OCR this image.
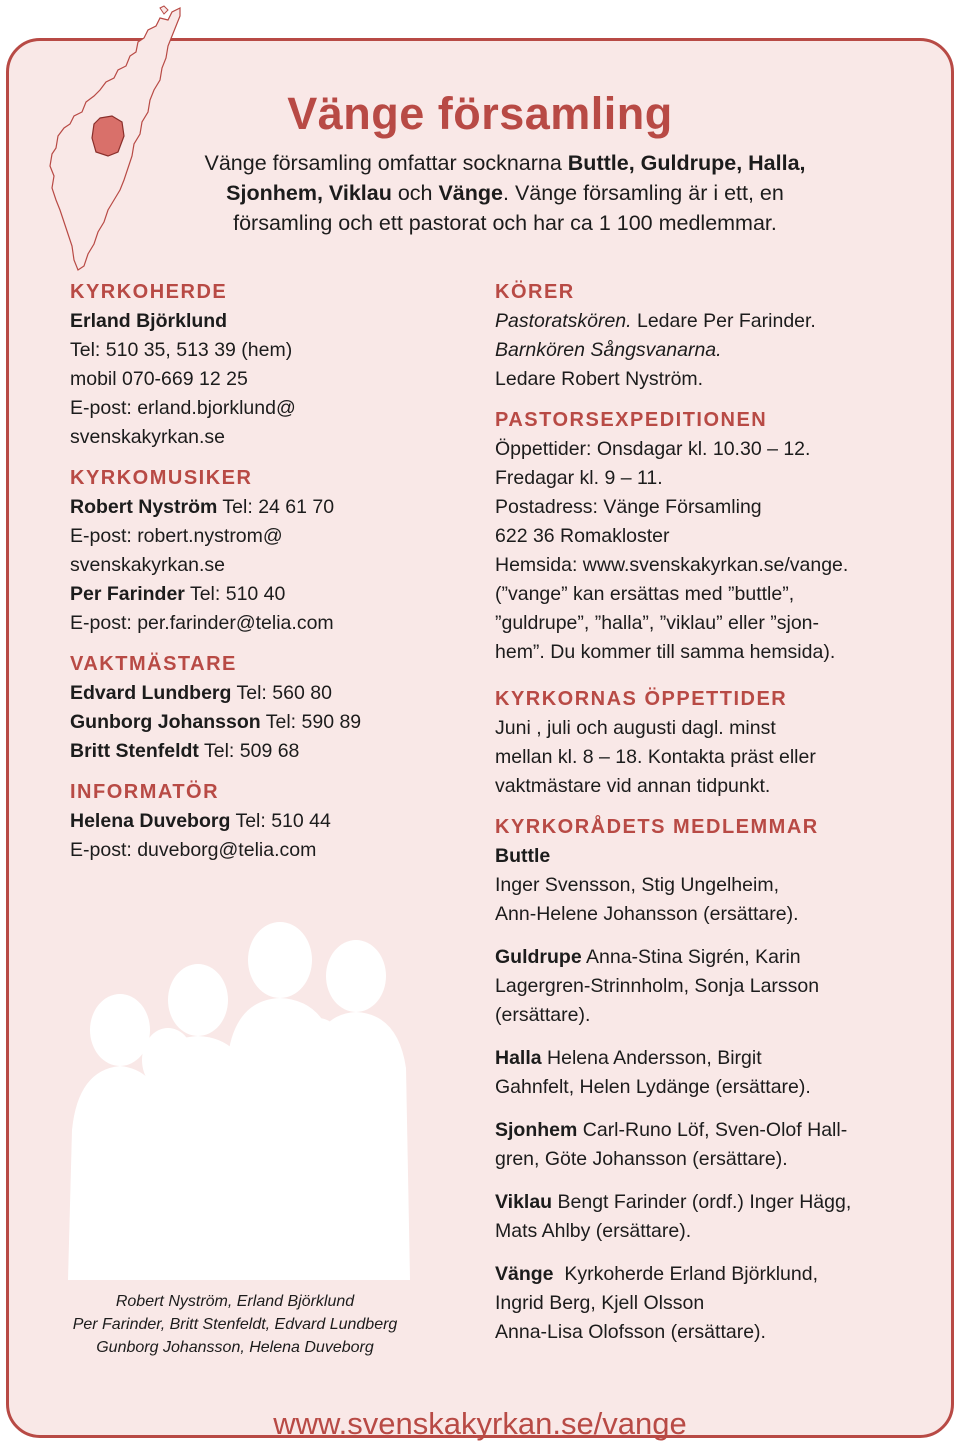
Vänge församling
Vänge församling omfattar socknarna Buttle, Guldrupe, Halla,
Sjonhem, Viklau och Vänge. Vänge församling är i ett, en
församling och ett pastorat och har ca 1 100 medlemmar.
KYRKOHERDE
Erland Björklund
Tel: 510 35, 513 39 (hem)
mobil 070-669 12 25
E-post: erland.bjorklund@
svenskakyrkan.se
KYRKOMUSIKER
Robert Nyström Tel: 24 61 70
E-post: robert.nystrom@
svenskakyrkan.se
Per Farinder Tel: 510 40
E-post: per.farinder@telia.com
VAKTMÄSTARE
Edvard Lundberg Tel: 560 80
Gunborg Johansson Tel: 590 89
Britt Stenfeldt Tel: 509 68
INFORMATÖR
Helena Duveborg Tel: 510 44
E-post: duveborg@telia.com
Robert Nyström, Erland Björklund
Per Farinder, Britt Stenfeldt, Edvard Lundberg
Gunborg Johansson, Helena Duveborg
KÖRER
Pastoratskören. Ledare Per Farinder.
Barnkören Sångsvanarna.
Ledare Robert Nyström.
PASTORSEXPEDITIONEN
Öppettider: Onsdagar kl. 10.30 – 12.
Fredagar kl. 9 – 11.
Postadress: Vänge Församling
622 36 Romakloster
Hemsida: www.svenskakyrkan.se/vange.
(”vange” kan ersättas med ”buttle”,
”guldrupe”, ”halla”, ”viklau” eller ”sjon-
hem”. Du kommer till samma hemsida).
KYRKORNAS ÖPPETTIDER
Juni , juli och augusti dagl. minst
mellan kl. 8 – 18. Kontakta präst eller
vaktmästare vid annan tidpunkt.
KYRKORÅDETS MEDLEMMAR
Buttle
Inger Svensson, Stig Ungelheim,
Ann-Helene Johansson (ersättare).
Guldrupe Anna-Stina Sigrén, Karin
Lagergren-Strinnholm, Sonja Larsson
(ersättare).
Halla Helena Andersson, Birgit
Gahnfelt, Helen Lydänge (ersättare).
Sjonhem Carl-Runo Löf, Sven-Olof Hall-
gren, Göte Johansson (ersättare).
Viklau Bengt Farinder (ordf.) Inger Hägg,
Mats Ahlby (ersättare).
Vänge  Kyrkoherde Erland Björklund,
Ingrid Berg, Kjell Olsson
Anna-Lisa Olofsson (ersättare).
www.svenskakyrkan.se/vange
